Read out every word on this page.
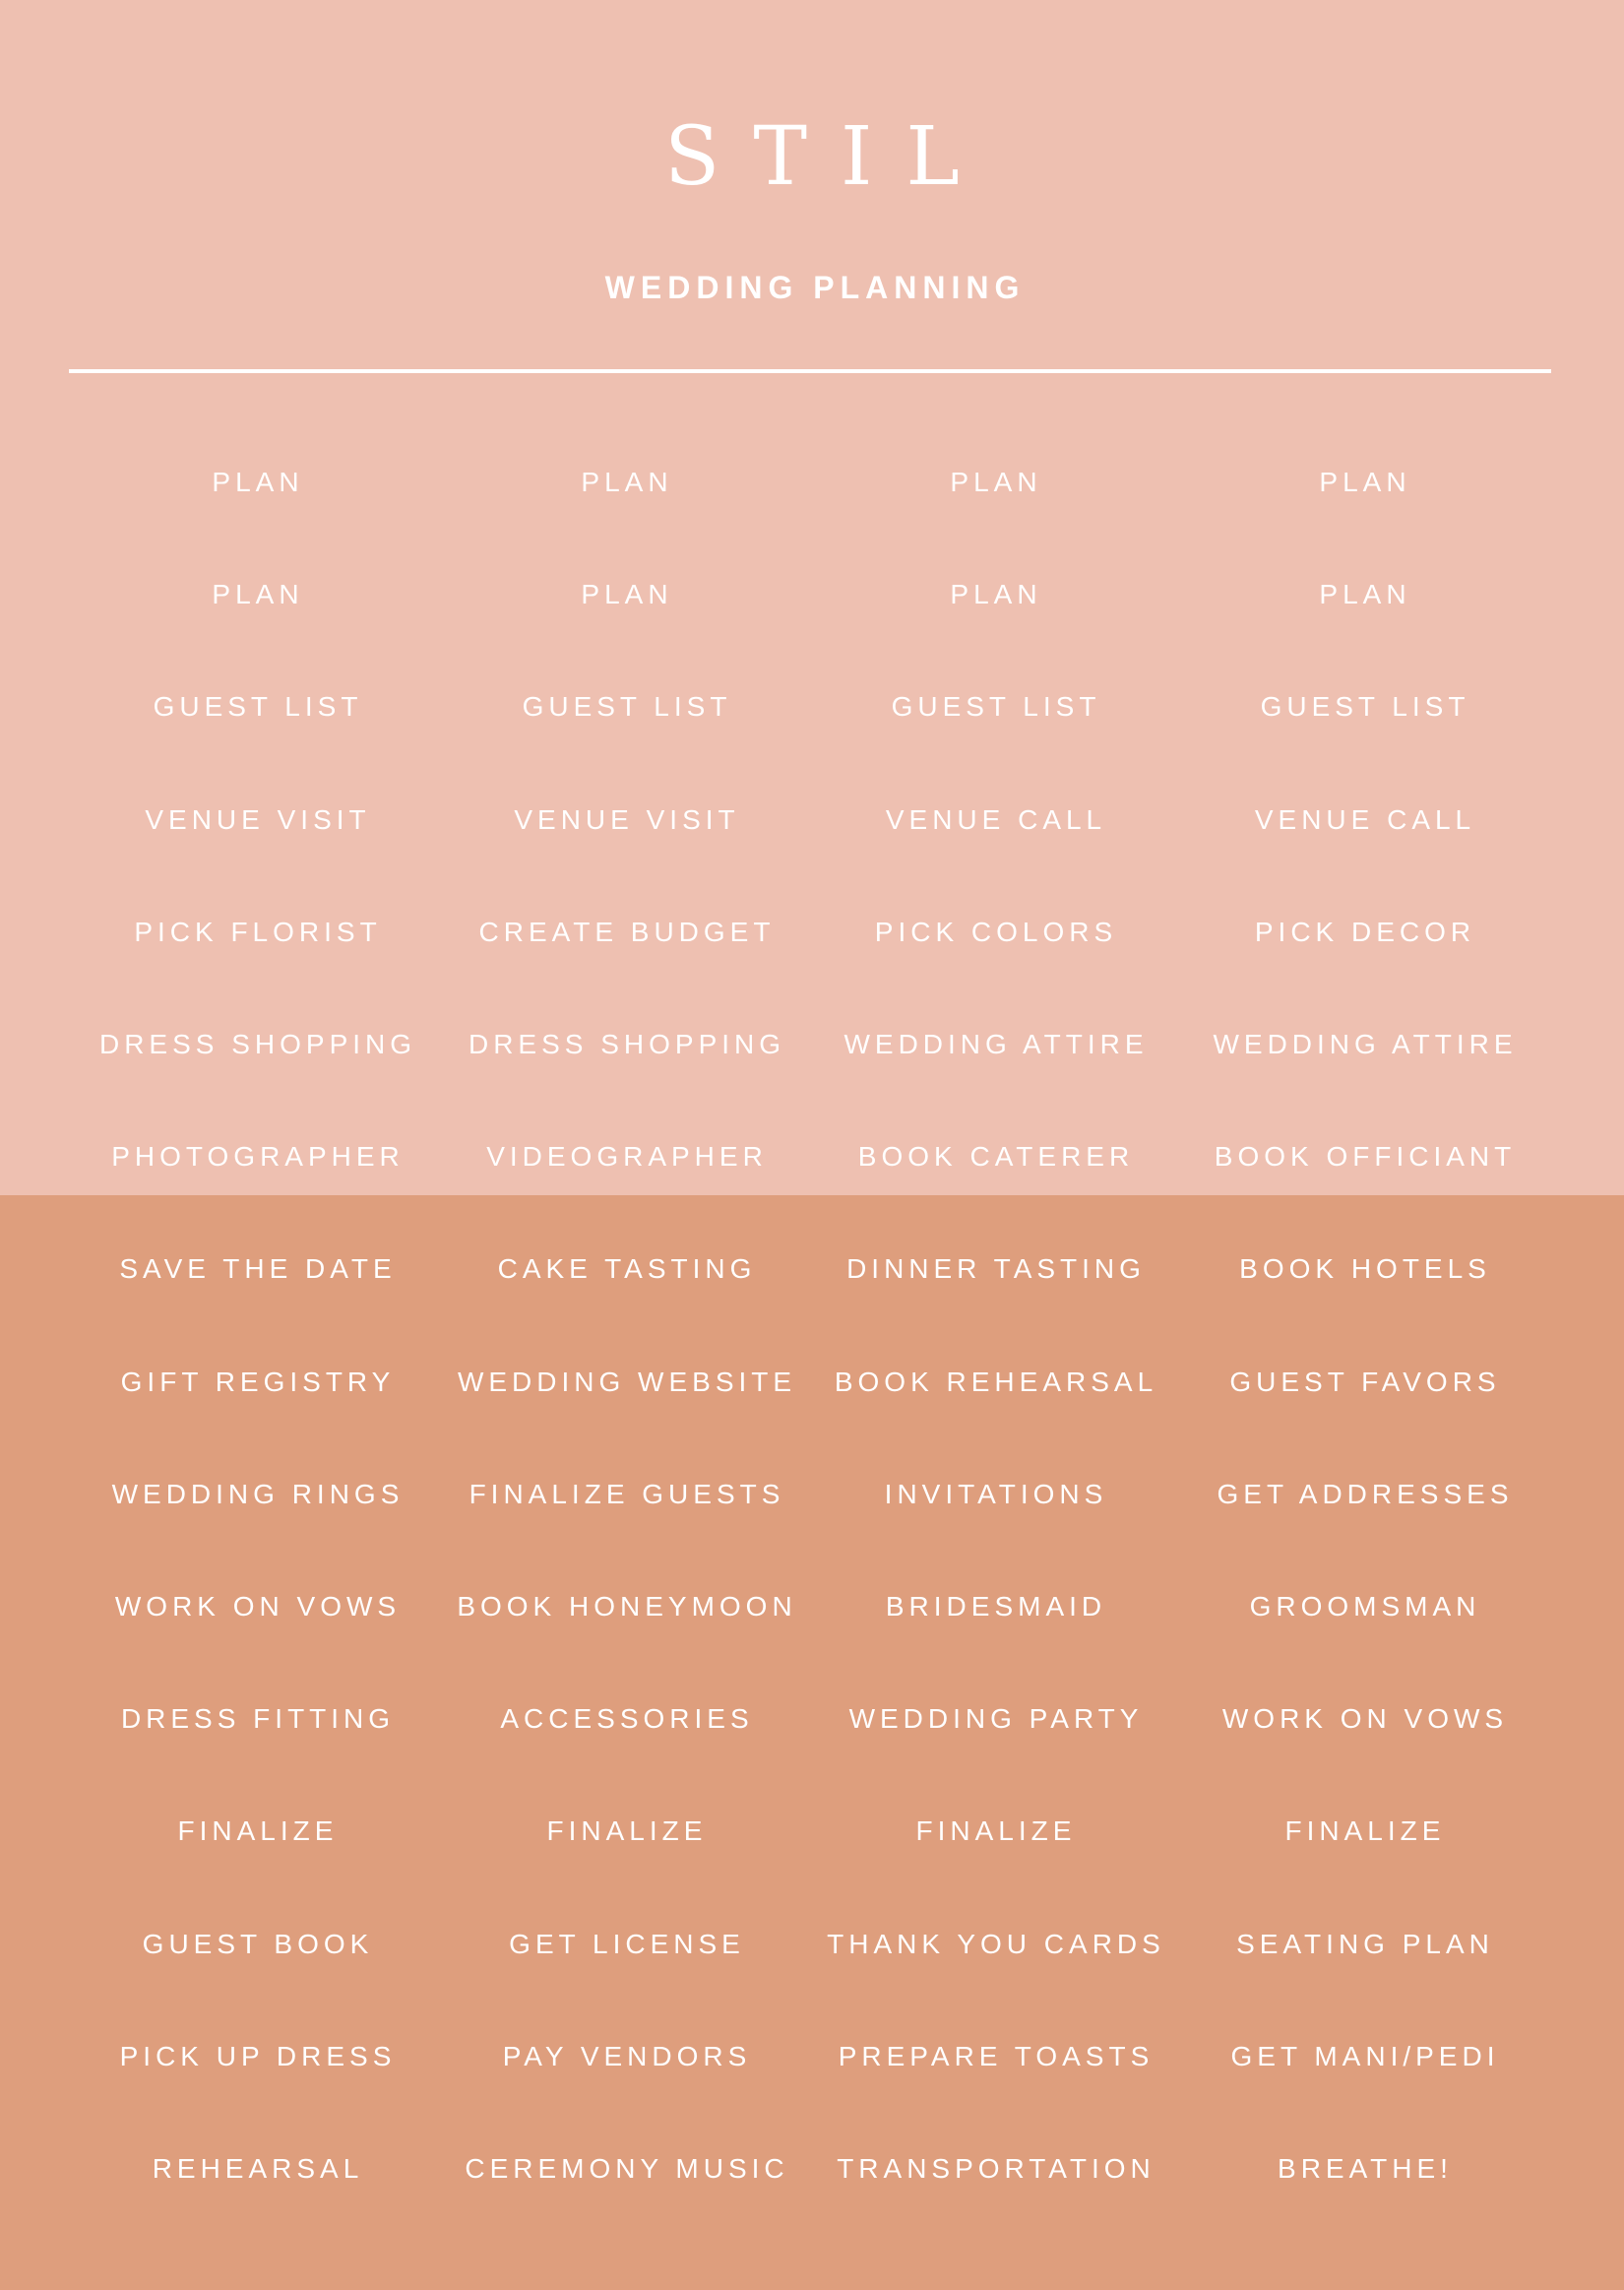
STIL
WEDDING PLANNING
PLAN	PLAN	PLAN	PLAN
PLAN	PLAN	PLAN	PLAN
GUEST LIST	GUEST LIST	GUEST LIST	GUEST LIST
VENUE VISIT	VENUE VISIT	VENUE CALL	VENUE CALL
PICK FLORIST	CREATE BUDGET	PICK COLORS	PICK DECOR
DRESS SHOPPING	DRESS SHOPPING	WEDDING ATTIRE	WEDDING ATTIRE
PHOTOGRAPHER	VIDEOGRAPHER	BOOK CATERER	BOOK OFFICIANT
SAVE THE DATE	CAKE TASTING	DINNER TASTING	BOOK HOTELS
GIFT REGISTRY	WEDDING WEBSITE	BOOK REHEARSAL	GUEST FAVORS
WEDDING RINGS	FINALIZE GUESTS	INVITATIONS	GET ADDRESSES
WORK ON VOWS	BOOK HONEYMOON	BRIDESMAID	GROOMSMAN
DRESS FITTING	ACCESSORIES	WEDDING PARTY	WORK ON VOWS
FINALIZE	FINALIZE	FINALIZE	FINALIZE
GUEST BOOK	GET LICENSE	THANK YOU CARDS	SEATING PLAN
PICK UP DRESS	PAY VENDORS	PREPARE TOASTS	GET MANI/PEDI
REHEARSAL	CEREMONY MUSIC	TRANSPORTATION	BREATHE!
